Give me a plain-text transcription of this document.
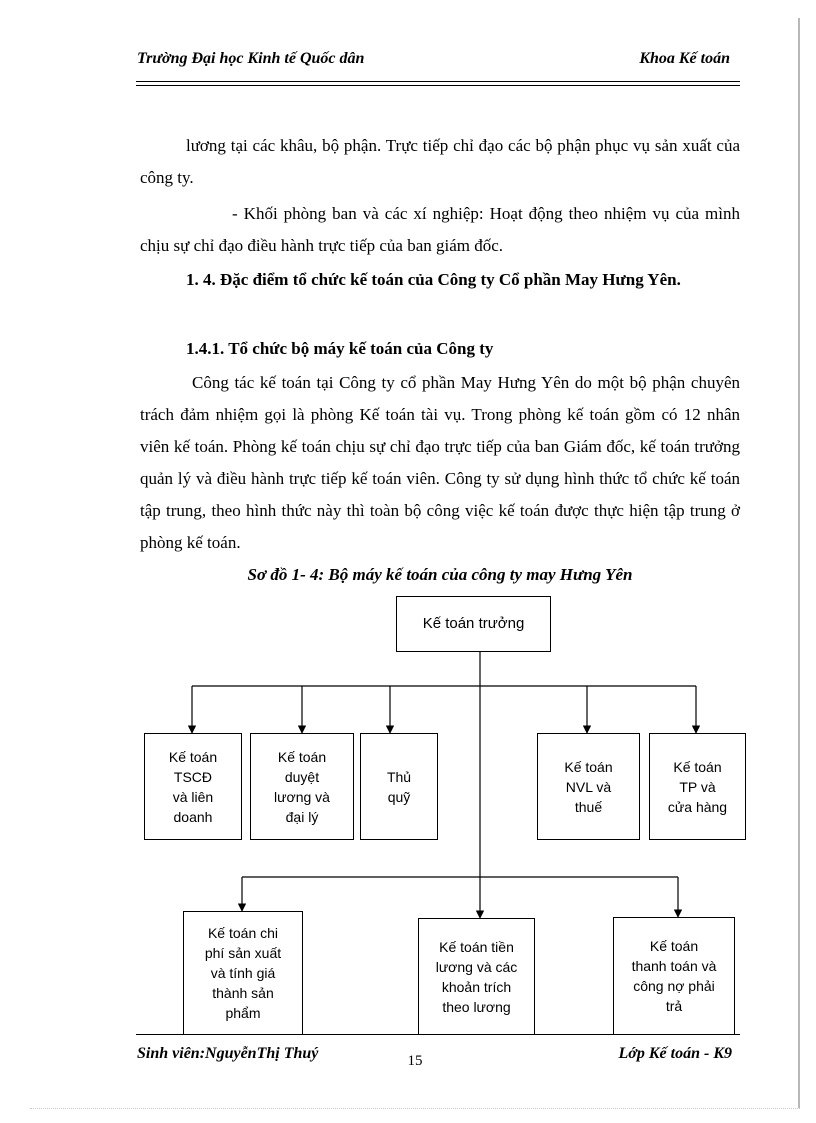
Trường Đại học Kinh tế Quốc dân	Khoa Kế toán
lương tại các khâu, bộ phận. Trực tiếp chỉ đạo các bộ phận phục vụ sản xuất của công ty.
- Khối phòng ban và các xí nghiệp: Hoạt động theo nhiệm vụ của mình chịu sự chỉ đạo điều hành trực tiếp của ban giám đốc.
1. 4. Đặc điểm tổ chức kế toán của Công ty Cổ phần May Hưng Yên.
1.4.1. Tổ chức bộ máy kế toán của Công ty
Công tác kế toán tại Công ty cổ phần May Hưng Yên do một bộ phận chuyên trách đảm nhiệm gọi là phòng Kế toán tài vụ. Trong phòng kế toán gồm có 12 nhân viên kế toán. Phòng kế toán chịu sự chỉ đạo trực tiếp của ban Giám đốc, kế toán trưởng quản lý và điều hành trực tiếp kế toán viên. Công ty sử dụng hình thức tổ chức kế toán tập trung, theo hình thức này thì toàn bộ công việc kế toán được thực hiện tập trung ở phòng kế toán.
Sơ đồ 1- 4: Bộ máy kế toán của công ty may Hưng Yên
Kế toán trưởng
Kế toán
TSCĐ
và liên
doanh
Kế toán
duyệt
lương và
đại lý
Thủ
quỹ
Kế toán
NVL và
thuế
Kế toán
TP và
cửa hàng
Kế toán chi
phí sản xuất
và tính giá
thành sản
phẩm
Kế toán tiền
lương và các
khoản trích
theo lương
Kế toán
thanh toán và
công nợ phải
trả
Sinh viên:NguyễnThị Thuý	15	Lớp Kế toán - K9
